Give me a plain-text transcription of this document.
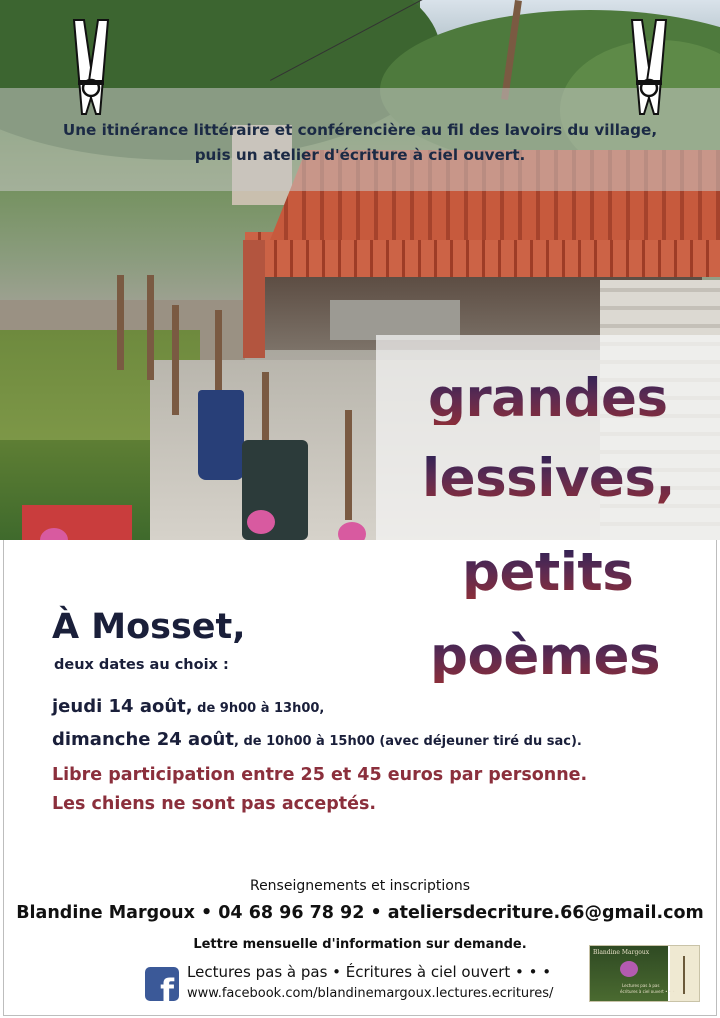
Une itinérance littéraire et conférencière au fil des lavoirs du village,
puis un atelier d'écriture à ciel ouvert.
grandes
lessives,
petits
poèmes
À Mosset,
deux dates au choix :
jeudi 14 août, de 9h00 à 13h00,
dimanche 24 août, de 10h00 à 15h00 (avec déjeuner tiré du sac).
Libre participation entre 25 et 45 euros par personne.
Les chiens ne sont pas acceptés.
Renseignements et inscriptions
Blandine Margoux • 04 68 96 78 92 • ateliersdecriture.66@gmail.com
Lettre mensuelle d'information sur demande.
f Lectures pas à pas • Écritures à ciel ouvert • • •
www.facebook.com/blandinemargoux.lectures.ecritures/
Blandine Margoux
Lectures pas à pas
écritures à ciel ouvert • • •
